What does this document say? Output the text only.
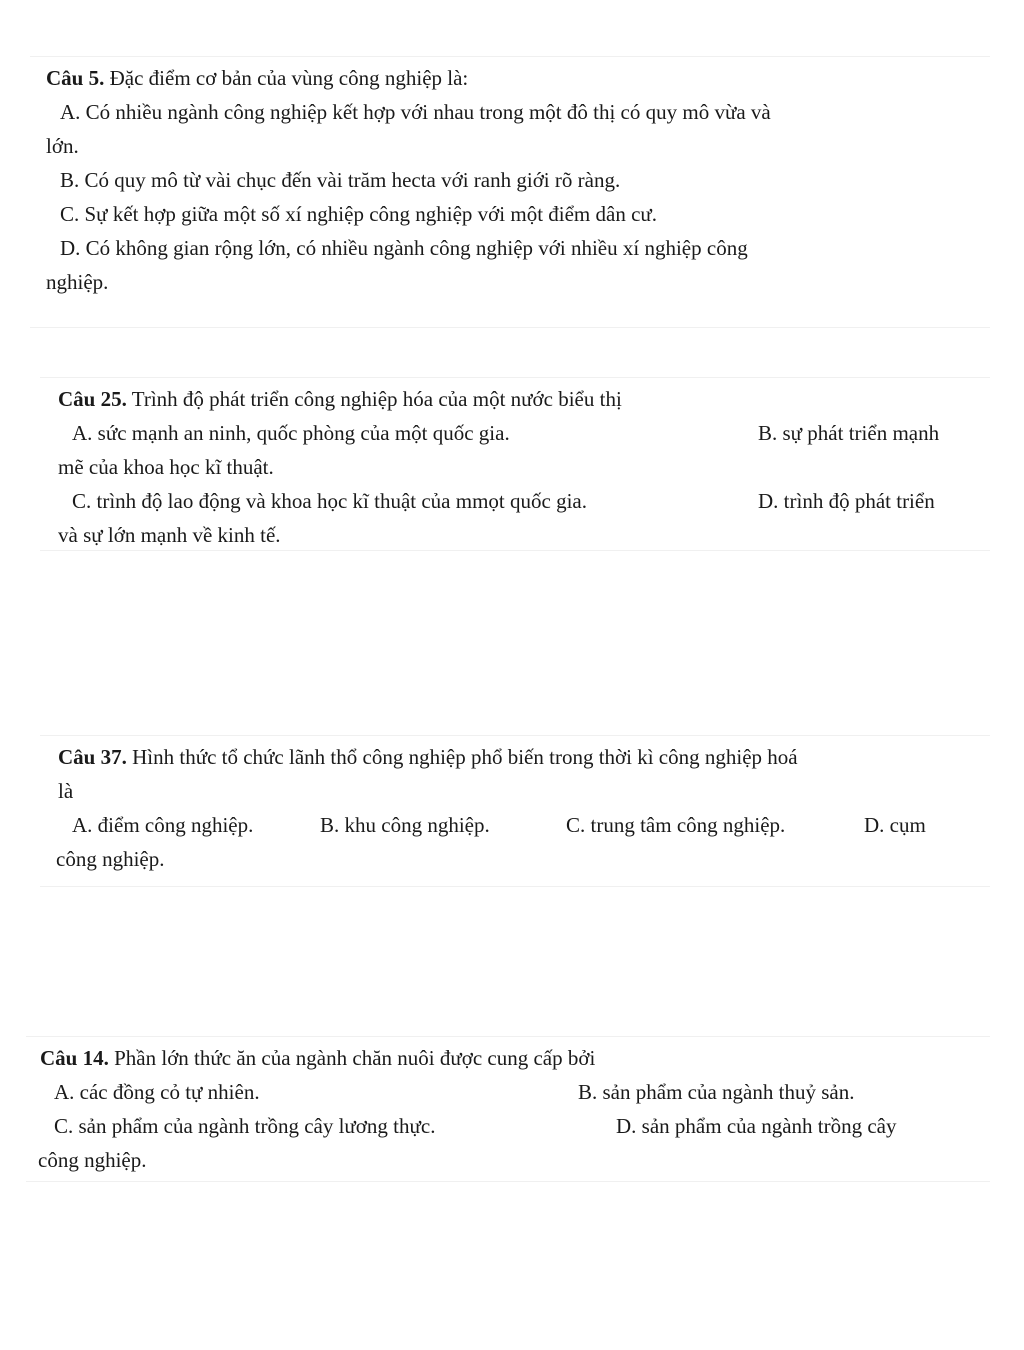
Câu 5. Đặc điểm cơ bản của vùng công nghiệp là:
A. Có nhiều ngành công nghiệp kết hợp với nhau trong một đô thị có quy mô vừa và
lớn.
B. Có quy mô từ vài chục đến vài trăm hecta với ranh giới rõ ràng.
C. Sự kết hợp giữa một số xí nghiệp công nghiệp với một điểm dân cư.
D. Có không gian rộng lớn, có nhiều ngành công nghiệp với nhiều xí nghiệp công
nghiệp.
Câu 25. Trình độ phát triển công nghiệp hóa của một nước biểu thị
A. sức mạnh an ninh, quốc phòng của một quốc gia.	B. sự phát triển mạnh
mẽ của khoa học kĩ thuật.
C. trình độ lao động và khoa học kĩ thuật của mmọt quốc gia.	D. trình độ phát triển
và sự lớn mạnh về kinh tế.
Câu 37. Hình thức tổ chức lãnh thổ công nghiệp phổ biến trong thời kì công nghiệp hoá
là
A. điểm công nghiệp.	B. khu công nghiệp.	C. trung tâm công nghiệp.	D. cụm
công nghiệp.
Câu 14. Phần lớn thức ăn của ngành chăn nuôi được cung cấp bởi
A. các đồng cỏ tự nhiên.	B. sản phẩm của ngành thuỷ sản.
C. sản phẩm của ngành trồng cây lương thực.	D. sản phẩm của ngành trồng cây
công nghiệp.
